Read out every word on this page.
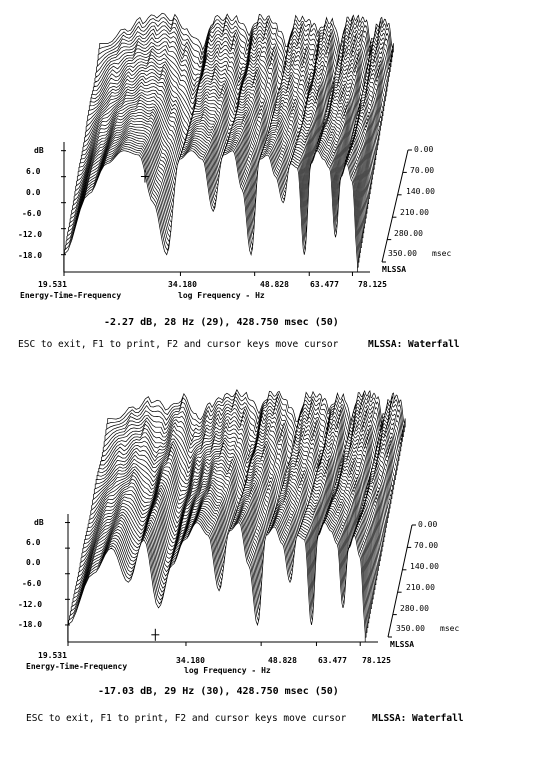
dB
6.0
0.0
-6.0
-12.0
-18.0
0.00
70.00
140.00
210.00
280.00
350.00 msec
MLSSA
19.531	34.180	48.828	63.477 78.125
Energy-Time-Frequency	log Frequency - Hz
-2.27 dB, 28 Hz (29), 428.750 msec (50)
ESC to exit, F1 to print, F2 and cursor keys move cursor	MLSSA: Waterfall
dB
6.0
0.0
-6.0
-12.0
-18.0
0.00
70.00
140.00
210.00
280.00
350.00 msec
MLSSA
19.531
34.180	48.828	63.477 78.125
Energy-Time-Frequency	log Frequency - Hz
-17.03 dB, 29 Hz (30), 428.750 msec (50)
ESC to exit, F1 to print, F2 and cursor keys move cursor	MLSSA: Waterfall
